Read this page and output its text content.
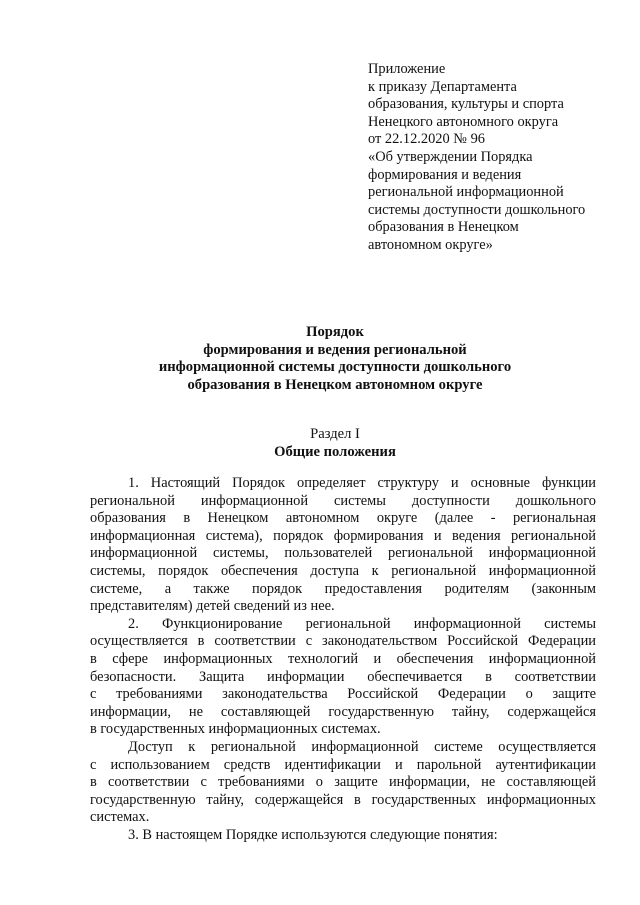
Приложение
к приказу Департамента
образования, культуры и спорта
Ненецкого автономного округа
от 22.12.2020 № 96
«Об утверждении Порядка
формирования и ведения
региональной информационной
системы доступности дошкольного
образования в Ненецком
автономном округе»
Порядок
формирования и ведения региональной
информационной системы доступности дошкольного
образования в Ненецком автономном округе
Раздел I
Общие положения
1. Настоящий Порядок определяет структуру и основные функции
региональной информационной системы доступности дошкольного
образования в Ненецком автономном округе (далее - региональная
информационная система), порядок формирования и ведения региональной
информационной системы, пользователей региональной информационной
системы, порядок обеспечения доступа к региональной информационной
системе, а также порядок предоставления родителям (законным
представителям) детей сведений из нее.
2. Функционирование региональной информационной системы
осуществляется в соответствии с законодательством Российской Федерации
в сфере информационных технологий и обеспечения информационной
безопасности. Защита информации обеспечивается в соответствии
с требованиями законодательства Российской Федерации о защите
информации, не составляющей государственную тайну, содержащейся
в государственных информационных системах.
Доступ к региональной информационной системе осуществляется
с использованием средств идентификации и парольной аутентификации
в соответствии с требованиями о защите информации, не составляющей
государственную тайну, содержащейся в государственных информационных
системах.
3. В настоящем Порядке используются следующие понятия:
